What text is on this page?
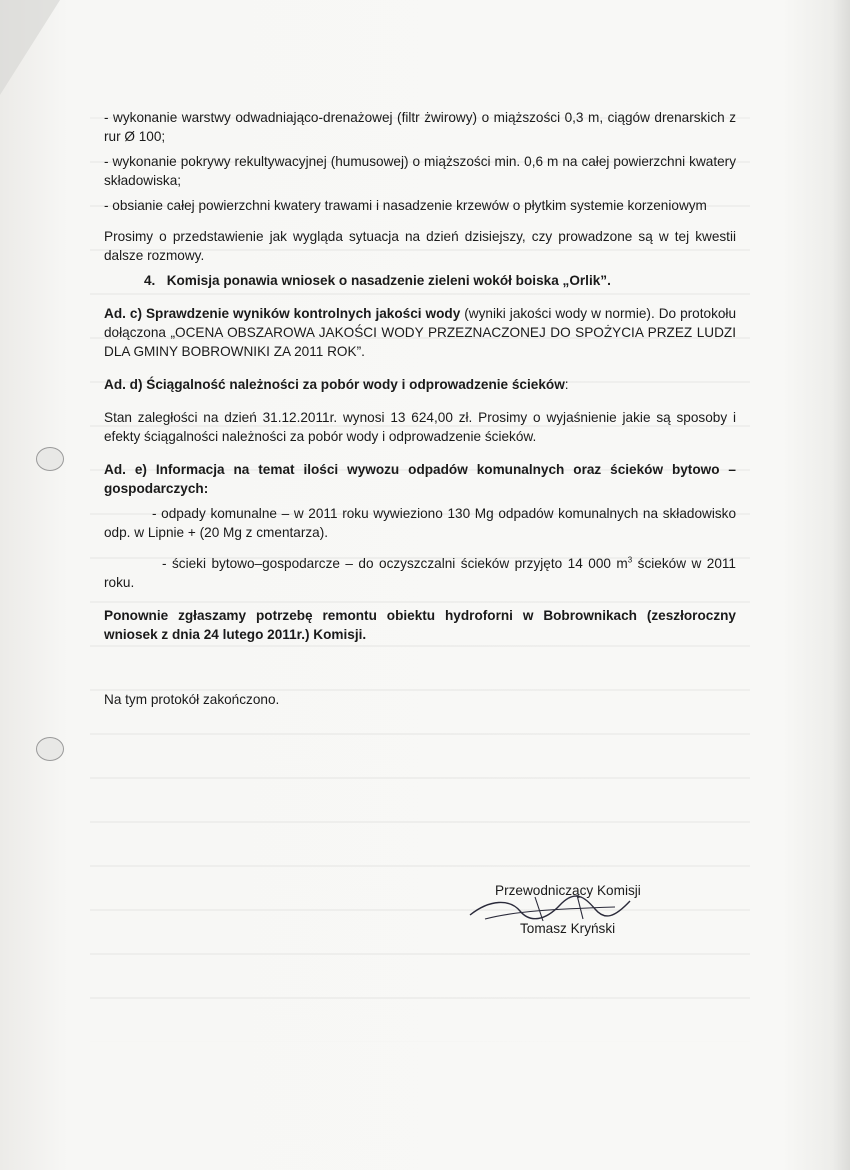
- wykonanie warstwy odwadniająco-drenażowej (filtr żwirowy) o miąższości 0,3 m, ciągów drenarskich z rur Ø 100;

- wykonanie pokrywy rekultywacyjnej (humusowej) o miąższości min. 0,6 m na całej powierzchni kwatery składowiska;

- obsianie całej powierzchni kwatery trawami i nasadzenie krzewów o płytkim systemie korzeniowym

Prosimy o przedstawienie jak wygląda sytuacja na dzień dzisiejszy, czy prowadzone są w tej kwestii dalsze rozmowy.

4. Komisja ponawia wniosek o nasadzenie zieleni wokół boiska „Orlik”.

Ad. c) Sprawdzenie wyników kontrolnych jakości wody (wyniki jakości wody w normie). Do protokołu dołączona „OCENA OBSZAROWA JAKOŚCI WODY PRZEZNACZONEJ DO SPOŻYCIA PRZEZ LUDZI DLA GMINY BOBROWNIKI ZA 2011 ROK”.

Ad. d) Ściągalność należności za pobór wody i odprowadzenie ścieków:

Stan zaległości na dzień 31.12.2011r. wynosi 13 624,00 zł. Prosimy o wyjaśnienie jakie są sposoby i efekty ściągalności należności za pobór wody i odprowadzenie ścieków.

Ad. e) Informacja na temat ilości wywozu odpadów komunalnych oraz ścieków bytowo – gospodarczych:

- odpady komunalne – w 2011 roku wywieziono 130 Mg odpadów komunalnych na składowisko odp. w Lipnie + (20 Mg z cmentarza).

- ścieki bytowo–gospodarcze – do oczyszczalni ścieków przyjęto 14 000 $m^3$ ścieków w 2011 roku.

Ponownie zgłaszamy potrzebę remontu obiektu hydroforni w Bobrownikach (zeszłoroczny wniosek z dnia 24 lutego 2011r.) Komisji.

Na tym protokół zakończono.

Przewodniczący Komisji
Tomasz Kryński
